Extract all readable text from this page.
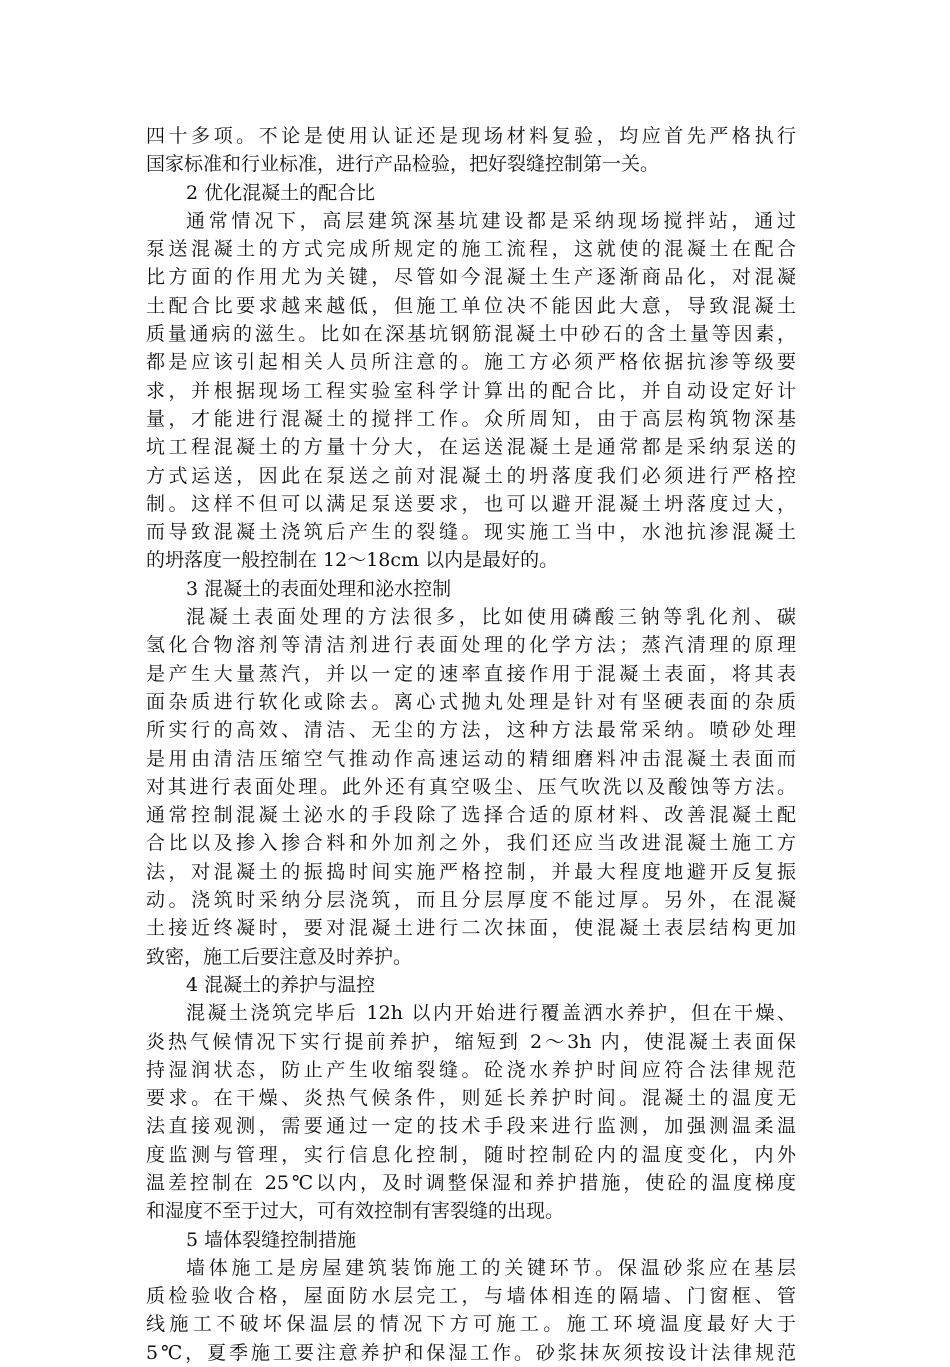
四十多项。不论是使用认证还是现场材料复验，均应首先严格执行
国家标准和行业标准，进行产品检验，把好裂缝控制第一关。
2 优化混凝土的配合比
通常情况下，高层建筑深基坑建设都是采纳现场搅拌站，通过
泵送混凝土的方式完成所规定的施工流程，这就使的混凝土在配合
比方面的作用尤为关键，尽管如今混凝土生产逐渐商品化，对混凝
土配合比要求越来越低，但施工单位决不能因此大意，导致混凝土
质量通病的滋生。比如在深基坑钢筋混凝土中砂石的含土量等因素，
都是应该引起相关人员所注意的。施工方必须严格依据抗渗等级要
求，并根据现场工程实验室科学计算出的配合比，并自动设定好计
量，才能进行混凝土的搅拌工作。众所周知，由于高层构筑物深基
坑工程混凝土的方量十分大，在运送混凝土是通常都是采纳泵送的
方式运送，因此在泵送之前对混凝土的坍落度我们必须进行严格控
制。这样不但可以满足泵送要求，也可以避开混凝土坍落度过大，
而导致混凝土浇筑后产生的裂缝。现实施工当中，水池抗渗混凝土
的坍落度一般控制在 12～18cm 以内是最好的。
3 混凝土的表面处理和泌水控制
混凝土表面处理的方法很多，比如使用磷酸三钠等乳化剂、碳
氢化合物溶剂等清洁剂进行表面处理的化学方法；蒸汽清理的原理
是产生大量蒸汽，并以一定的速率直接作用于混凝土表面，将其表
面杂质进行软化或除去。离心式抛丸处理是针对有坚硬表面的杂质
所实行的高效、清洁、无尘的方法，这种方法最常采纳。喷砂处理
是用由清洁压缩空气推动作高速运动的精细磨料冲击混凝土表面而
对其进行表面处理。此外还有真空吸尘、压气吹洗以及酸蚀等方法。
通常控制混凝土泌水的手段除了选择合适的原材料、改善混凝土配
合比以及掺入掺合料和外加剂之外，我们还应当改进混凝土施工方
法，对混凝土的振捣时间实施严格控制，并最大程度地避开反复振
动。浇筑时采纳分层浇筑，而且分层厚度不能过厚。另外，在混凝
土接近终凝时，要对混凝土进行二次抹面，使混凝土表层结构更加
致密，施工后要注意及时养护。
4 混凝土的养护与温控
混凝土浇筑完毕后 12h 以内开始进行覆盖洒水养护，但在干燥、
炎热气候情况下实行提前养护，缩短到 2～3h 内，使混凝土表面保
持湿润状态，防止产生收缩裂缝。砼浇水养护时间应符合法律规范
要求。在干燥、炎热气候条件，则延长养护时间。混凝土的温度无
法直接观测，需要通过一定的技术手段来进行监测，加强测温柔温
度监测与管理，实行信息化控制，随时控制砼内的温度变化，内外
温差控制在 25℃以内，及时调整保湿和养护措施，使砼的温度梯度
和湿度不至于过大，可有效控制有害裂缝的出现。
5 墙体裂缝控制措施
墙体施工是房屋建筑装饰施工的关键环节。保温砂浆应在基层
质检验收合格，屋面防水层完工，与墙体相连的隔墙、门窗框、管
线施工不破坏保温层的情况下方可施工。施工环境温度最好大于
5℃，夏季施工要注意养护和保湿工作。砂浆抹灰须按设计法律规范
